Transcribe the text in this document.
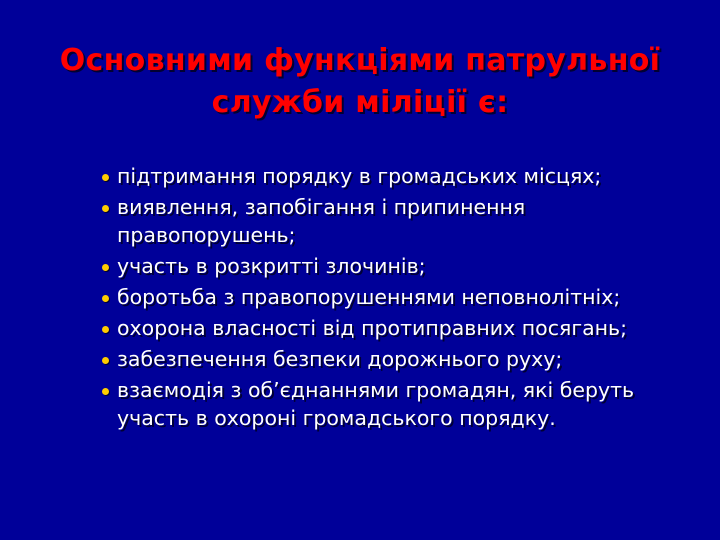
Основними функціями патрульної служби міліції є:
підтримання порядку в громадських місцях;
виявлення, запобігання і припинення правопорушень;
участь в розкритті злочинів;
боротьба з правопорушеннями неповнолітніх;
охорона власності від протиправних посягань;
забезпечення безпеки дорожнього руху;
взаємодія з об’єднаннями громадян, які беруть участь в охороні громадського порядку.
